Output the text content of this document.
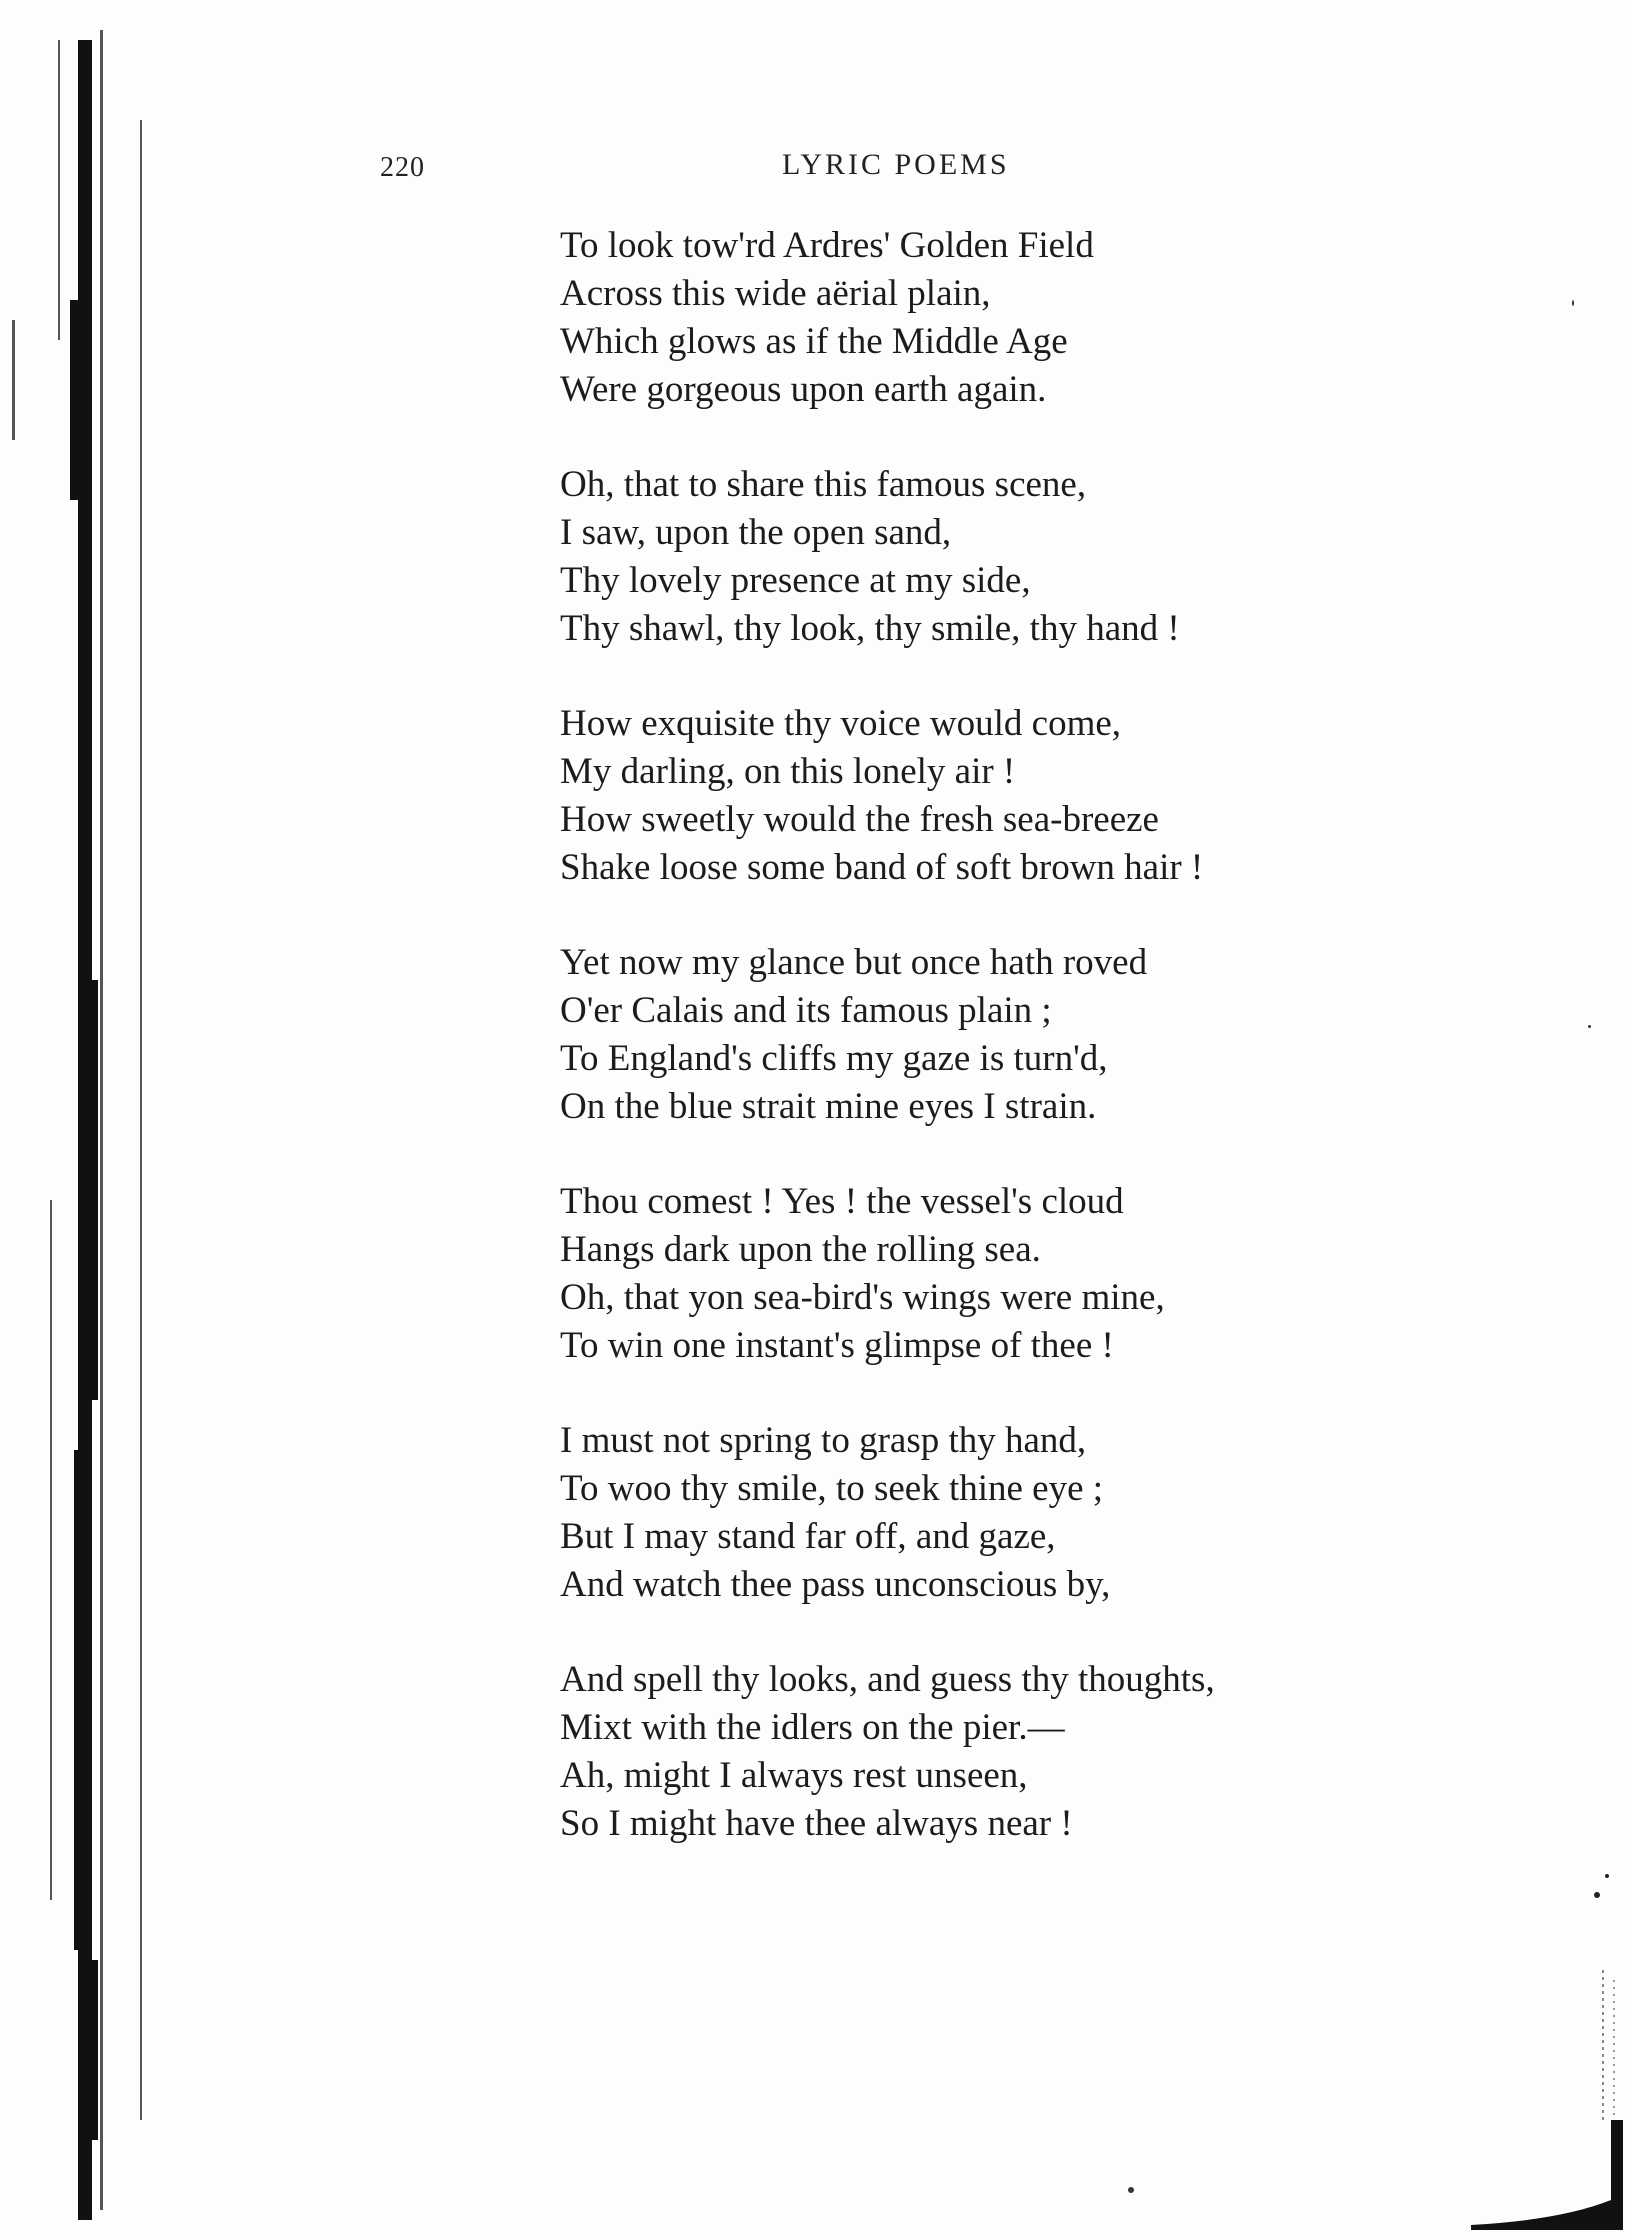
220	LYRIC POEMS
To look tow'rd Ardres' Golden Field
Across this wide aërial plain,
Which glows as if the Middle Age
Were gorgeous upon earth again.
Oh, that to share this famous scene,
I saw, upon the open sand,
Thy lovely presence at my side,
Thy shawl, thy look, thy smile, thy hand !
How exquisite thy voice would come,
My darling, on this lonely air !
How sweetly would the fresh sea-breeze
Shake loose some band of soft brown hair !
Yet now my glance but once hath roved
O'er Calais and its famous plain ;
To England's cliffs my gaze is turn'd,
On the blue strait mine eyes I strain.
Thou comest ! Yes ! the vessel's cloud
Hangs dark upon the rolling sea.
Oh, that yon sea-bird's wings were mine,
To win one instant's glimpse of thee !
I must not spring to grasp thy hand,
To woo thy smile, to seek thine eye ;
But I may stand far off, and gaze,
And watch thee pass unconscious by,
And spell thy looks, and guess thy thoughts,
Mixt with the idlers on the pier.—
Ah, might I always rest unseen,
So I might have thee always near !
